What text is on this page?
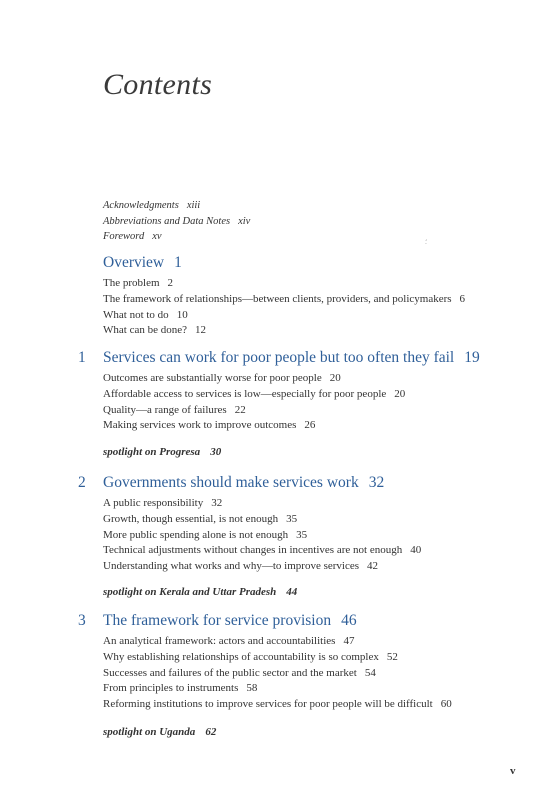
Contents
Acknowledgments xiii
Abbreviations and Data Notes xiv
Foreword xv	⸵
Overview 1
The problem 2
The framework of relationships—between clients, providers, and policymakers 6
What not to do 10
What can be done? 12
1 Services can work for poor people but too often they fail 19
Outcomes are substantially worse for poor people 20
Affordable access to services is low—especially for poor people 20
Quality—a range of failures 22
Making services work to improve outcomes 26
spotlight on Progresa 30
2 Governments should make services work 32
A public responsibility 32
Growth, though essential, is not enough 35
More public spending alone is not enough 35
Technical adjustments without changes in incentives are not enough 40
Understanding what works and why—to improve services 42
spotlight on Kerala and Uttar Pradesh 44
3 The framework for service provision 46
An analytical framework: actors and accountabilities 47
Why establishing relationships of accountability is so complex 52
Successes and failures of the public sector and the market 54
From principles to instruments 58
Reforming institutions to improve services for poor people will be difficult 60
spotlight on Uganda 62
v
